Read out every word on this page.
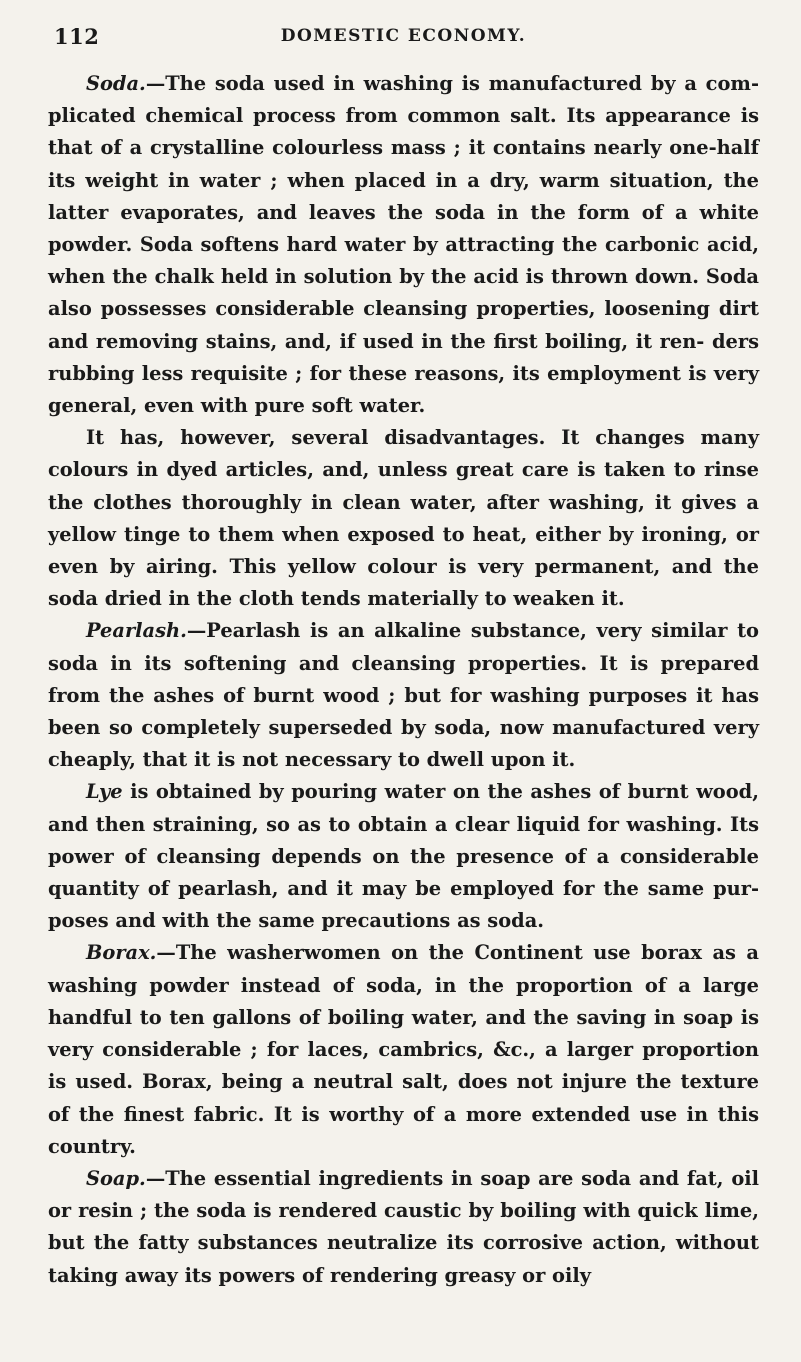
112	DOMESTIC ECONOMY.

Soda.—The soda used in washing is manufactured by a com- plicated chemical process from common salt. Its appearance is that of a crystalline colourless mass ; it contains nearly one-half its weight in water ; when placed in a dry, warm situation, the latter evaporates, and leaves the soda in the form of a white powder. Soda softens hard water by attracting the carbonic acid, when the chalk held in solution by the acid is thrown down. Soda also possesses considerable cleansing properties, loosening dirt and removing stains, and, if used in the first boiling, it ren- ders rubbing less requisite ; for these reasons, its employment is very general, even with pure soft water.

It has, however, several disadvantages. It changes many colours in dyed articles, and, unless great care is taken to rinse the clothes thoroughly in clean water, after washing, it gives a yellow tinge to them when exposed to heat, either by ironing, or even by airing. This yellow colour is very permanent, and the soda dried in the cloth tends materially to weaken it.

Pearlash.—Pearlash is an alkaline substance, very similar to soda in its softening and cleansing properties. It is prepared from the ashes of burnt wood ; but for washing purposes it has been so completely superseded by soda, now manufactured very cheaply, that it is not necessary to dwell upon it.

Lye is obtained by pouring water on the ashes of burnt wood, and then straining, so as to obtain a clear liquid for washing. Its power of cleansing depends on the presence of a considerable quantity of pearlash, and it may be employed for the same pur- poses and with the same precautions as soda.

Borax.—The washerwomen on the Continent use borax as a washing powder instead of soda, in the proportion of a large handful to ten gallons of boiling water, and the saving in soap is very considerable ; for laces, cambrics, &c., a larger proportion is used. Borax, being a neutral salt, does not injure the texture of the finest fabric. It is worthy of a more extended use in this country.

Soap.—The essential ingredients in soap are soda and fat, oil or resin ; the soda is rendered caustic by boiling with quick lime, but the fatty substances neutralize its corrosive action, without taking away its powers of rendering greasy or oily
